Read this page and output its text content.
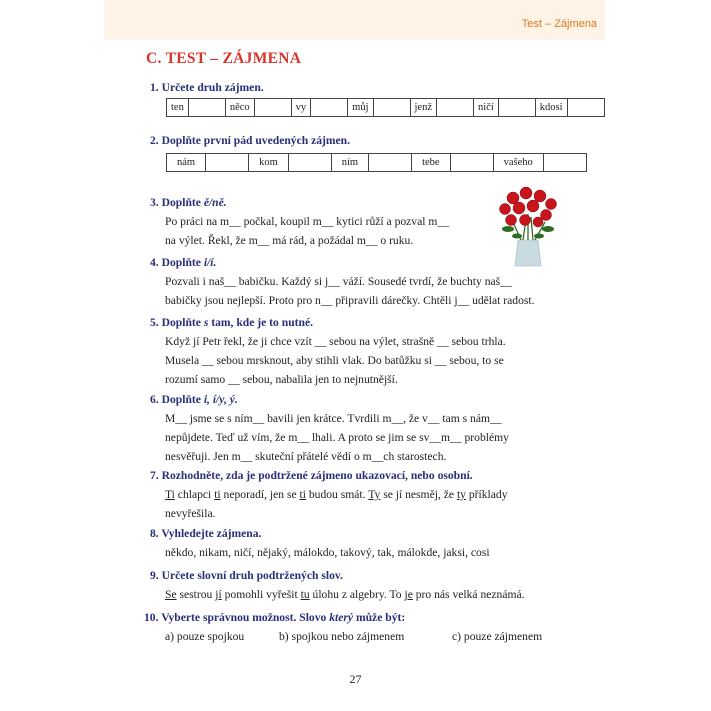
Test – Zájmena
C. TEST – ZÁJMENA
1. Určete druh zájmen.
ten		něco		vy		můj		jenž		ničí		kdosi	
2. Doplňte první pád uvedených zájmen.
nám		kom		ním		tebe		vašeho	
3. Doplňte ě/ně.
Po práci na m__ počkal, koupil m__ kytici růží a pozval m__
na výlet. Řekl, že m__ má rád, a požádal m__ o ruku.
4. Doplňte i/í.
Pozvali i naš__ babičku. Každý si j__ váží. Sousedé tvrdí, že buchty naš__
babičky jsou nejlepší. Proto pro n__ připravili dárečky. Chtěli j__ udělat radost.
5. Doplňte s tam, kde je to nutné.
Když jí Petr řekl, že ji chce vzít __ sebou na výlet, strašně __ sebou trhla.
Musela __ sebou mrsknout, aby stihli vlak. Do batůžku si __ sebou, to se
rozumí samo __ sebou, nabalila jen to nejnutnější.
6. Doplňte i, í/y, ý.
M__ jsme se s ním__ bavili jen krátce. Tvrdili m__, že v__ tam s nám__
nepůjdete. Teď už vím, že m__ lhali. A proto se jim se sv__m__ problémy
nesvěřuji. Jen m__ skuteční přátelé vědí o m__ch starostech.
7. Rozhodněte, zda je podtržené zájmeno ukazovací, nebo osobní.
Ti chlapci ti neporadí, jen se ti budou smát. Ty se jí nesměj, že ty příklady
nevyřešila.
8. Vyhledejte zájmena.
někdo, nikam, ničí, nějaký, málokdo, takový, tak, málokde, jaksi, cosi
9. Určete slovní druh podtržených slov.
Se sestrou jí pomohli vyřešit tu úlohu z algebry. To je pro nás velká neznámá.
10. Vyberte správnou možnost. Slovo který může být:
a) pouze spojkou	b) spojkou nebo zájmenem	c) pouze zájmenem
27
